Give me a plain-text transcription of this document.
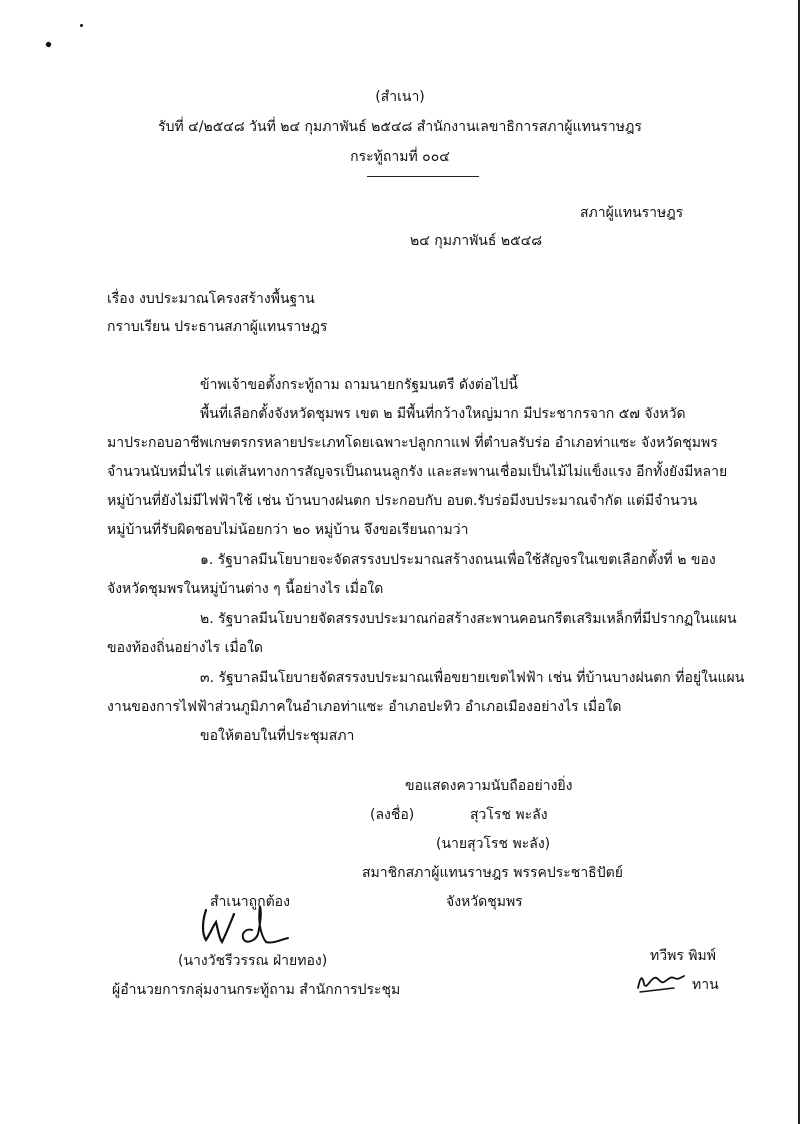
(สำเนา)
รับที่ ๔/๒๕๔๘ วันที่ ๒๔ กุมภาพันธ์ ๒๕๔๘ สำนักงานเลขาธิการสภาผู้แทนราษฎร
กระทู้ถามที่ ๐๐๔
สภาผู้แทนราษฎร
๒๔ กุมภาพันธ์ ๒๕๔๘
เรื่อง งบประมาณโครงสร้างพื้นฐาน
กราบเรียน ประธานสภาผู้แทนราษฎร
ข้าพเจ้าขอตั้งกระทู้ถาม ถามนายกรัฐมนตรี ดังต่อไปนี้
พื้นที่เลือกตั้งจังหวัดชุมพร เขต ๒ มีพื้นที่กว้างใหญ่มาก มีประชากรจาก ๕๗ จังหวัด
มาประกอบอาชีพเกษตรกรหลายประเภทโดยเฉพาะปลูกกาแฟ ที่ตำบลรับร่อ อำเภอท่าแซะ จังหวัดชุมพร
จำนวนนับหมื่นไร่ แต่เส้นทางการสัญจรเป็นถนนลูกรัง และสะพานเชื่อมเป็นไม้ไม่แข็งแรง อีกทั้งยังมีหลาย
หมู่บ้านที่ยังไม่มีไฟฟ้าใช้ เช่น บ้านบางฝนตก ประกอบกับ อบต.รับร่อมีงบประมาณจำกัด แต่มีจำนวน
หมู่บ้านที่รับผิดชอบไม่น้อยกว่า ๒๐ หมู่บ้าน จึงขอเรียนถามว่า
๑. รัฐบาลมีนโยบายจะจัดสรรงบประมาณสร้างถนนเพื่อใช้สัญจรในเขตเลือกตั้งที่ ๒ ของ
จังหวัดชุมพรในหมู่บ้านต่าง ๆ นี้อย่างไร เมื่อใด
๒. รัฐบาลมีนโยบายจัดสรรงบประมาณก่อสร้างสะพานคอนกรีตเสริมเหล็กที่มีปรากฏในแผน
ของท้องถิ่นอย่างไร เมื่อใด
๓. รัฐบาลมีนโยบายจัดสรรงบประมาณเพื่อขยายเขตไฟฟ้า เช่น ที่บ้านบางฝนตก ที่อยู่ในแผน
งานของการไฟฟ้าส่วนภูมิภาคในอำเภอท่าแซะ อำเภอปะทิว อำเภอเมืองอย่างไร เมื่อใด
ขอให้ตอบในที่ประชุมสภา
ขอแสดงความนับถืออย่างยิ่ง
(ลงชื่อ)	สุวโรช พะลัง
(นายสุวโรช พะลัง)
สมาชิกสภาผู้แทนราษฎร พรรคประชาธิปัตย์
จังหวัดชุมพร
สำเนาถูกต้อง
(นางวัชรีวรรณ ฝ่ายทอง)
ผู้อำนวยการกลุ่มงานกระทู้ถาม สำนักการประชุม
ทวีพร พิมพ์
ทาน
